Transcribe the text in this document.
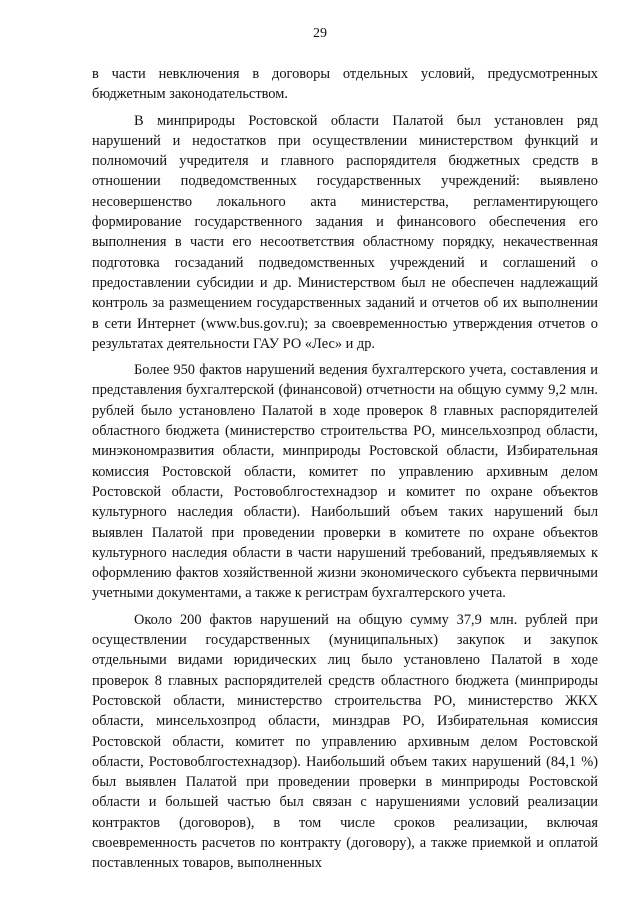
29

в части невключения в договоры отдельных условий, предусмотренных бюджетным законодательством.

В минприроды Ростовской области Палатой был установлен ряд нарушений и недостатков при осуществлении министерством функций и полномочий учредителя и главного распорядителя бюджетных средств в отношении подведомственных государственных учреждений: выявлено несовершенство локального акта министерства, регламентирующего формирование государственного задания и финансового обеспечения его выполнения в части его несоответствия областному порядку, некачественная подготовка госзаданий подведомственных учреждений и соглашений о предоставлении субсидии и др. Министерством был не обеспечен надлежащий контроль за размещением государственных заданий и отчетов об их выполнении в сети Интернет (www.bus.gov.ru); за своевременностью утверждения отчетов о результатах деятельности ГАУ РО «Лес» и др.

Более 950 фактов нарушений ведения бухгалтерского учета, составления и представления бухгалтерской (финансовой) отчетности на общую сумму 9,2 млн. рублей было установлено Палатой в ходе проверок 8 главных распорядителей областного бюджета (министерство строительства РО, минсельхозпрод области, минэкономразвития области, минприроды Ростовской области, Избирательная комиссия Ростовской области, комитет по управлению архивным делом Ростовской области, Ростовоблгостехнадзор и комитет по охране объектов культурного наследия области). Наибольший объем таких нарушений был выявлен Палатой при проведении проверки в комитете по охране объектов культурного наследия области в части нарушений требований, предъявляемых к оформлению фактов хозяйственной жизни экономического субъекта первичными учетными документами, а также к регистрам бухгалтерского учета.

Около 200 фактов нарушений на общую сумму 37,9 млн. рублей при осуществлении государственных (муниципальных) закупок и закупок отдельными видами юридических лиц было установлено Палатой в ходе проверок 8 главных распорядителей средств областного бюджета (минприроды Ростовской области, министерство строительства РО, министерство ЖКХ области, минсельхозпрод области, минздрав РО, Избирательная комиссия Ростовской области, комитет по управлению архивным делом Ростовской области, Ростовоблгостехнадзор). Наибольший объем таких нарушений (84,1 %) был выявлен Палатой при проведении проверки в минприроды Ростовской области и большей частью был связан с нарушениями условий реализации контрактов (договоров), в том числе сроков реализации, включая своевременность расчетов по контракту (договору), а также приемкой и оплатой поставленных товаров, выполненных
